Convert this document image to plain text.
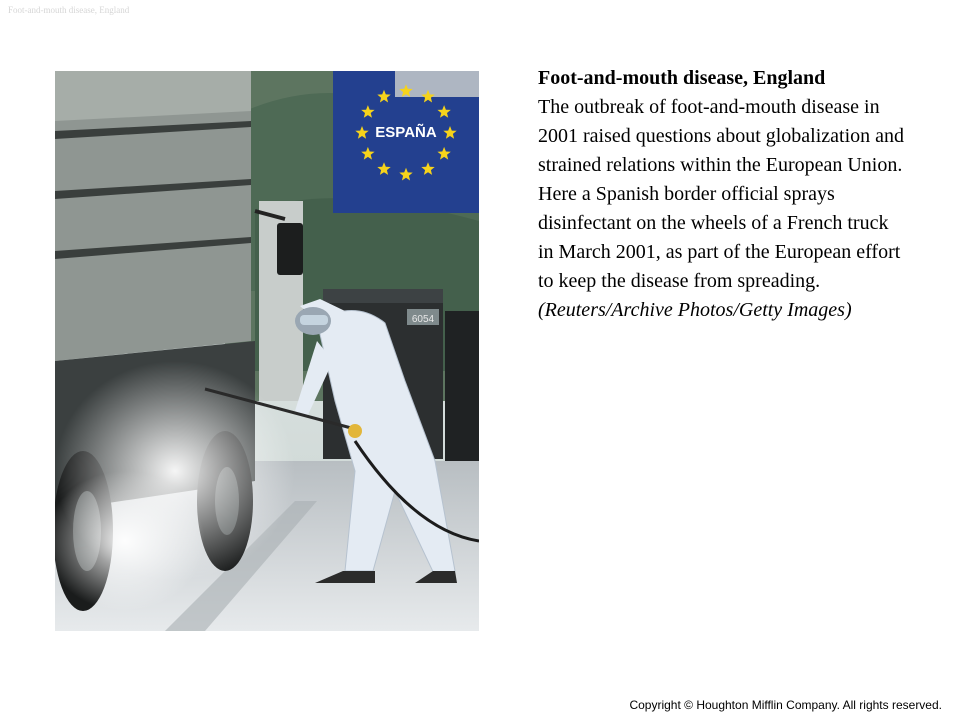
Foot-and-mouth disease, England
ESPAÑA
6054
Foot-and-mouth disease, England
The outbreak of foot-and-mouth disease in 2001 raised questions about globalization and strained relations within the European Union. Here a Spanish border official sprays disinfectant on the wheels of a French truck in March 2001, as part of the European effort to keep the disease from spreading.
(Reuters/Archive Photos/Getty Images)
Copyright © Houghton Mifflin Company. All rights reserved.
